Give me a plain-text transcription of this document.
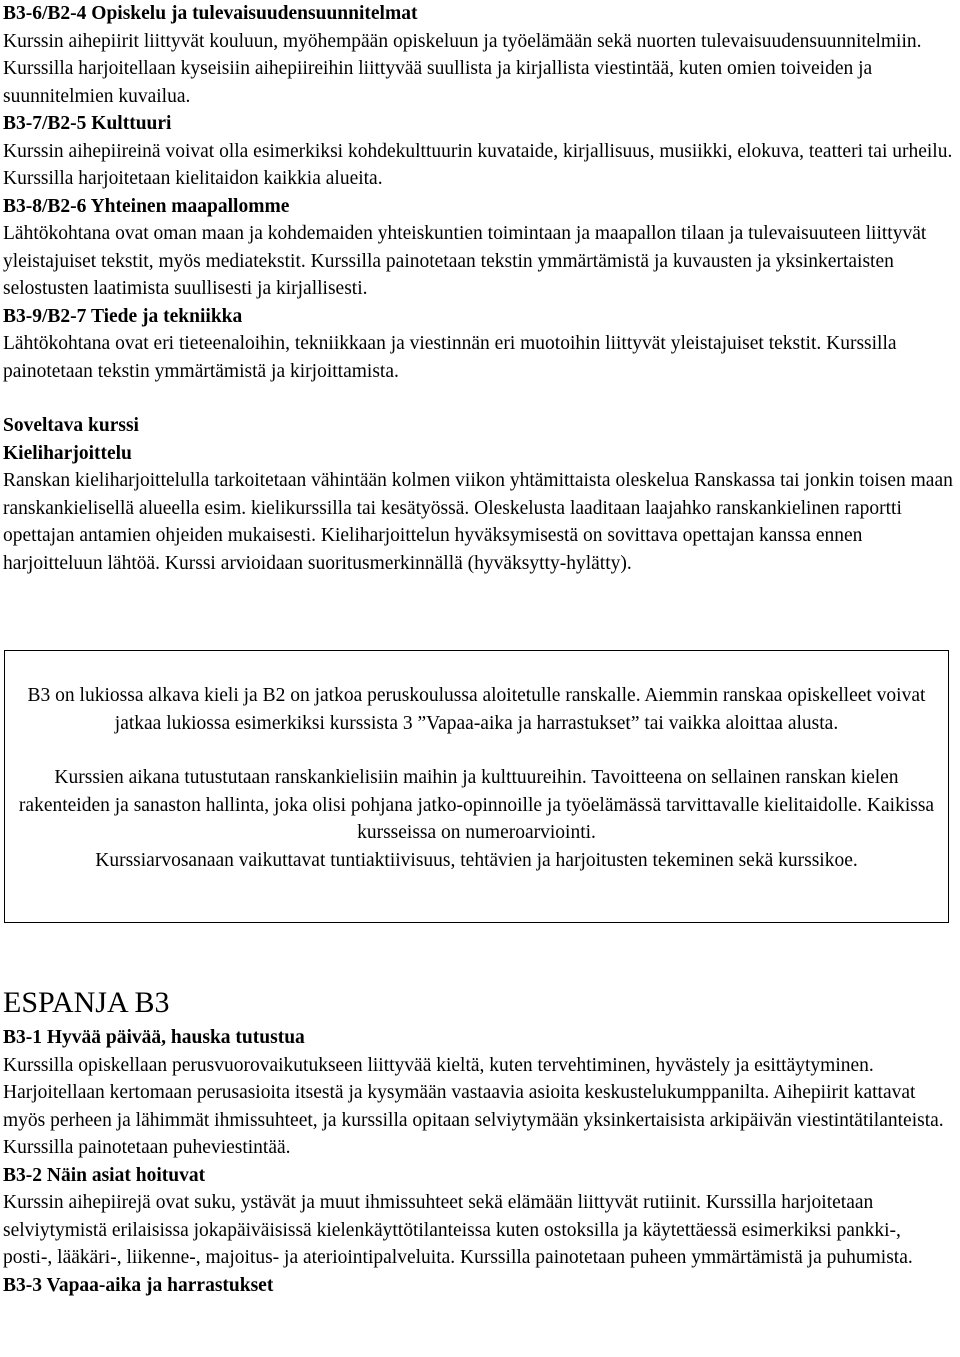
B3-6/B2-4 Opiskelu ja tulevaisuudensuunnitelmat

Kurssin aihepiirit liittyvät kouluun, myöhempään opiskeluun ja työelämään sekä nuorten tulevaisuudensuunnitelmiin. Kurssilla harjoitellaan kyseisiin aihepiireihin liittyvää suullista ja kirjallista viestintää, kuten omien toiveiden ja suunnitelmien kuvailua.

B3-7/B2-5 Kulttuuri

Kurssin aihepiireinä voivat olla esimerkiksi kohdekulttuurin kuvataide, kirjallisuus, musiikki, elokuva, teatteri tai urheilu. Kurssilla harjoitetaan kielitaidon kaikkia alueita.

B3-8/B2-6 Yhteinen maapallomme

Lähtökohtana ovat oman maan ja kohdemaiden yhteiskuntien toimintaan ja maapallon tilaan ja tulevaisuuteen liittyvät yleistajuiset tekstit, myös mediatekstit. Kurssilla painotetaan tekstin ymmärtämistä ja kuvausten ja yksinkertaisten selostusten laatimista suullisesti ja kirjallisesti.

B3-9/B2-7 Tiede ja tekniikka

Lähtökohtana ovat eri tieteenaloihin, tekniikkaan ja viestinnän eri muotoihin liittyvät yleistajuiset tekstit. Kurssilla painotetaan tekstin ymmärtämistä ja kirjoittamista.

Soveltava kurssi

Kieliharjoittelu

Ranskan kieliharjoittelulla tarkoitetaan vähintään kolmen viikon yhtämittaista oleskelua Ranskassa tai jonkin toisen maan ranskankielisellä alueella esim. kielikurssilla tai kesätyössä. Oleskelusta laaditaan laajahko ranskankielinen raportti opettajan antamien ohjeiden mukaisesti. Kieliharjoittelun hyväksymisestä on sovittava opettajan kanssa ennen harjoitteluun lähtöä. Kurssi arvioidaan suoritusmerkinnällä (hyväksytty-hylätty).

B3 on lukiossa alkava kieli ja B2 on jatkoa peruskoulussa aloitetulle ranskalle. Aiemmin ranskaa opiskelleet voivat jatkaa lukiossa esimerkiksi kurssista 3 ”Vapaa-aika ja harrastukset” tai vaikka aloittaa alusta.

Kurssien aikana tutustutaan ranskankielisiin maihin ja kulttuureihin. Tavoitteena on sellainen ranskan kielen rakenteiden ja sanaston hallinta, joka olisi pohjana jatko-opinnoille ja työelämässä tarvittavalle kielitaidolle. Kaikissa kursseissa on numeroarviointi.

Kurssiarvosanaan vaikuttavat tuntiaktiivisuus, tehtävien ja harjoitusten tekeminen sekä kurssikoe.

ESPANJA B3
B3-1 Hyvää päivää, hauska tutustua

Kurssilla opiskellaan perusvuorovaikutukseen liittyvää kieltä, kuten tervehtiminen, hyvästely ja esittäytyminen. Harjoitellaan kertomaan perusasioita itsestä ja kysymään vastaavia asioita keskustelukumppanilta. Aihepiirit kattavat myös perheen ja lähimmät ihmissuhteet, ja kurssilla opitaan selviytymään yksinkertaisista arkipäivän viestintätilanteista. Kurssilla painotetaan puheviestintää.

B3-2 Näin asiat hoituvat

Kurssin aihepiirejä ovat suku, ystävät ja muut ihmissuhteet sekä elämään liittyvät rutiinit. Kurssilla harjoitetaan selviytymistä erilaisissa jokapäiväisissä kielenkäyttötilanteissa kuten ostoksilla ja käytettäessä esimerkiksi pankki-, posti-, lääkäri-, liikenne-, majoitus- ja ateriointipalveluita. Kurssilla painotetaan puheen ymmärtämistä ja puhumista.

B3-3 Vapaa-aika ja harrastukset
